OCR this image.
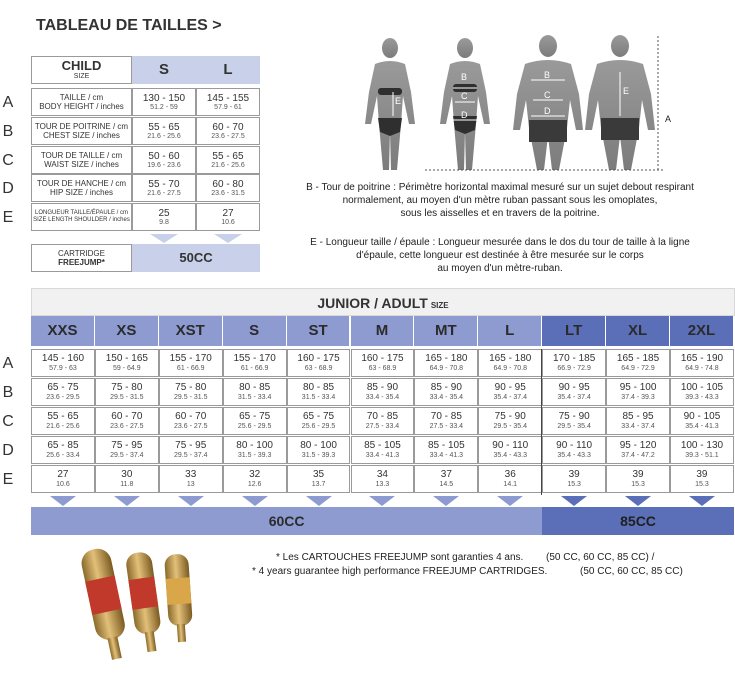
TABLEAU DE TAILLES >
CHILD
SIZE	S	L
A	TAILLE / cm
BODY HEIGHT / inches
130 - 150
51.2 - 59
145 - 155
57.9 - 61
B	TOUR DE POITRINE / cm
CHEST SIZE / inches
55 - 65
21.6 - 25.6
60 - 70
23.6 - 27.5
C	TOUR DE TAILLE / cm
WAIST SIZE / inches
50 - 60
19.6 - 23.6
55 - 65
21.6 - 25.6
D	TOUR DE HANCHE / cm
HIP SIZE / inches
55 - 70
21.6 - 27.5
60 - 80
23.6 - 31.5
E	LONGUEUR TAILLE/ÉPAULE / cm
SIZE LENGTH SHOULDER / inches
25
9.8
27
10.6
CARTRIDGE
FREEJUMP*	50CC
E
B
C
D
B
C
D
E
A
B - Tour de poitrine : Périmètre horizontal maximal mesuré sur un sujet debout respirant
normalement, au moyen d'un mètre ruban passant sous les omoplates,
sous les aisselles et en travers de la poitrine.
E - Longueur taille / épaule : Longueur mesurée dans le dos du tour de taille à la ligne
d'épaule, cette longueur est destinée à être mesurée sur le corps
au moyen d'un mètre-ruban.
JUNIOR / ADULT SIZE
XXS	XS	XST	S	ST	M	MT	L	LT	XL	2XL
A	145 - 160
57.9 - 63
150 - 165
59 - 64.9
155 - 170
61 - 66.9
155 - 170
61 - 66.9
160 - 175
63 - 68.9
160 - 175
63 - 68.9
165 - 180
64.9 - 70.8
165 - 180
64.9 - 70.8
170 - 185
66.9 - 72.9
165 - 185
64.9 - 72.9
165 - 190
64.9 - 74.8
B	65 - 75
23.6 - 29.5
75 - 80
29.5 - 31.5
75 - 80
29.5 - 31.5
80 - 85
31.5 - 33.4
80 - 85
31.5 - 33.4
85 - 90
33.4 - 35.4
85 - 90
33.4 - 35.4
90 - 95
35.4 - 37.4
90 - 95
35.4 - 37.4
95 - 100
37.4 - 39.3
100 - 105
39.3 - 43.3
C	55 - 65
21.6 - 25.6
60 - 70
23.6 - 27.5
60 - 70
23.6 - 27.5
65 - 75
25.6 - 29.5
65 - 75
25.6 - 29.5
70 - 85
27.5 - 33.4
70 - 85
27.5 - 33.4
75 - 90
29.5 - 35.4
75 - 90
29.5 - 35.4
85 - 95
33.4 - 37.4
90 - 105
35.4 - 41.3
D	65 - 85
25.6 - 33.4
75 - 95
29.5 - 37.4
75 - 95
29.5 - 37.4
80 - 100
31.5 - 39.3
80 - 100
31.5 - 39.3
85 - 105
33.4 - 41.3
85 - 105
33.4 - 41.3
90 - 110
35.4 - 43.3
90 - 110
35.4 - 43.3
95 - 120
37.4 - 47.2
100 - 130
39.3 - 51.1
E	27
10.6
30
11.8
33
13
32
12.6
35
13.7
34
13.3
37
14.5
36
14.1
39
15.3
39
15.3
39
15.3
60CC	85CC
* Les CARTOUCHES FREEJUMP sont garanties 4 ans. (50 CC, 60 CC, 85 CC) /
* 4 years guarantee high performance FREEJUMP CARTRIDGES.	(50 CC, 60 CC, 85 CC)
